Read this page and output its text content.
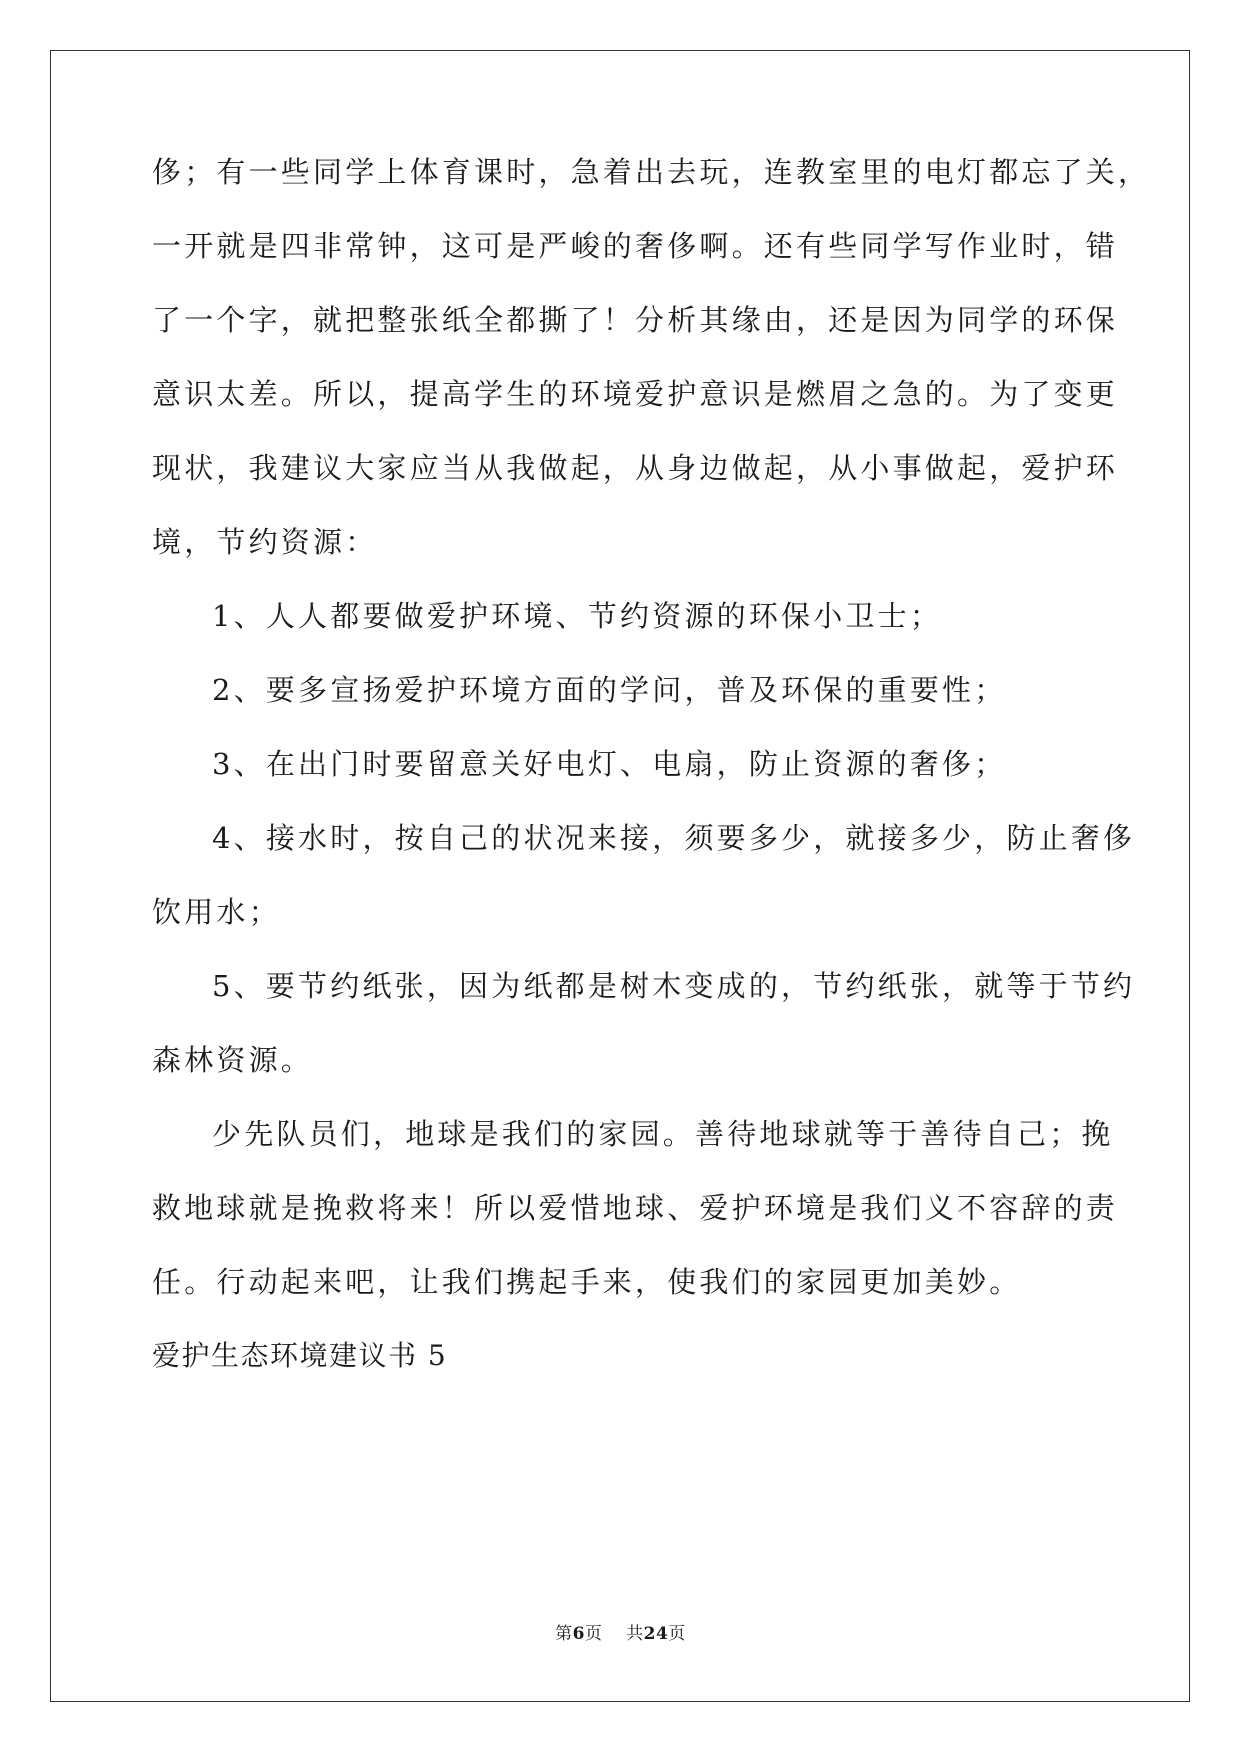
侈；有一些同学上体育课时，急着出去玩，连教室里的电灯都忘了关，
一开就是四非常钟，这可是严峻的奢侈啊。还有些同学写作业时，错
了一个字，就把整张纸全都撕了！分析其缘由，还是因为同学的环保
意识太差。所以，提高学生的环境爱护意识是燃眉之急的。为了变更
现状，我建议大家应当从我做起，从身边做起，从小事做起，爱护环
境，节约资源：
1、人人都要做爱护环境、节约资源的环保小卫士；
2、要多宣扬爱护环境方面的学问，普及环保的重要性；
3、在出门时要留意关好电灯、电扇，防止资源的奢侈；
4、接水时，按自己的状况来接，须要多少，就接多少，防止奢侈
饮用水；
5、要节约纸张，因为纸都是树木变成的，节约纸张，就等于节约
森林资源。
少先队员们，地球是我们的家园。善待地球就等于善待自己；挽
救地球就是挽救将来！所以爱惜地球、爱护环境是我们义不容辞的责
任。行动起来吧，让我们携起手来，使我们的家园更加美妙。
爱护生态环境建议书 5
第6页 共24页
